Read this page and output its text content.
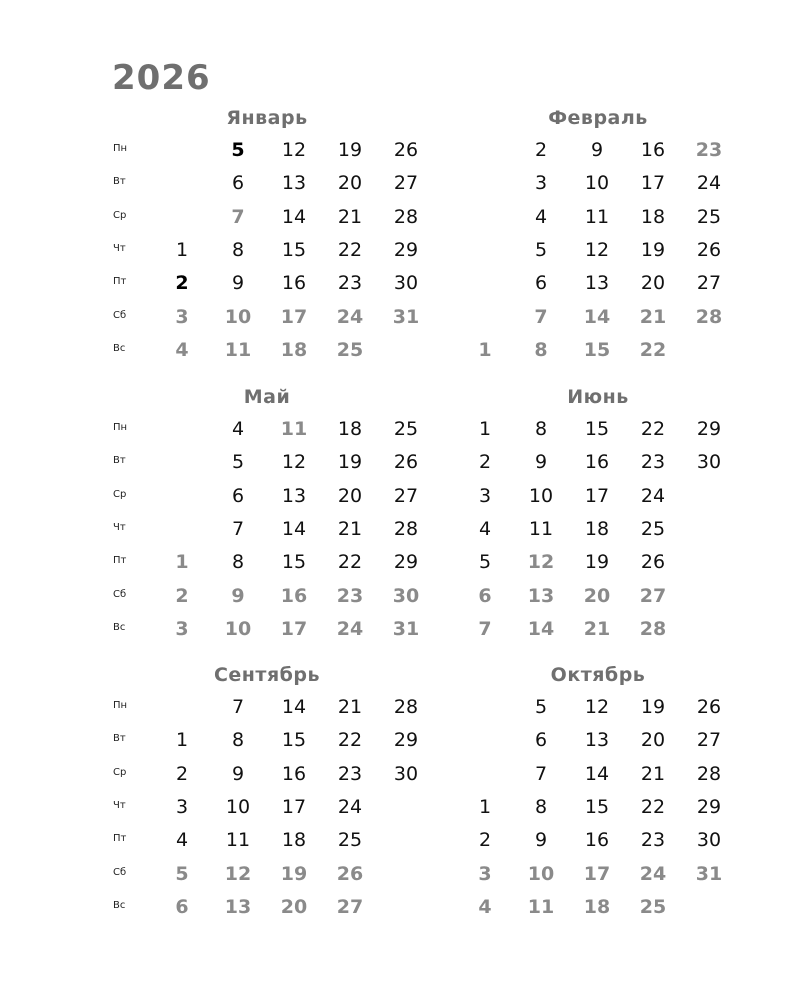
2026
Пн
Вт
Ср
Чт
Пт
Сб
Вс
Пн
Вт
Ср
Чт
Пт
Сб
Вс
Пн
Вт
Ср
Чт
Пт
Сб
Вс
Январь
1
2
3
4
5
6
7
8
9
10
11
12
13
14
15
16
17
18
19
20
21
22
23
24
25
26
27
28
29
30
31
Февраль
1
2
3
4
5
6
7
8
9
10
11
12
13
14
15
16
17
18
19
20
21
22
23
24
25
26
27
28
Май
1
2
3
4
5
6
7
8
9
10
11
12
13
14
15
16
17
18
19
20
21
22
23
24
25
26
27
28
29
30
31
Июнь
1
2
3
4
5
6
7
8
9
10
11
12
13
14
15
16
17
18
19
20
21
22
23
24
25
26
27
28
29
30
Сентябрь
1
2
3
4
5
6
7
8
9
10
11
12
13
14
15
16
17
18
19
20
21
22
23
24
25
26
27
28
29
30
Октябрь
1
2
3
4
5
6
7
8
9
10
11
12
13
14
15
16
17
18
19
20
21
22
23
24
25
26
27
28
29
30
31
